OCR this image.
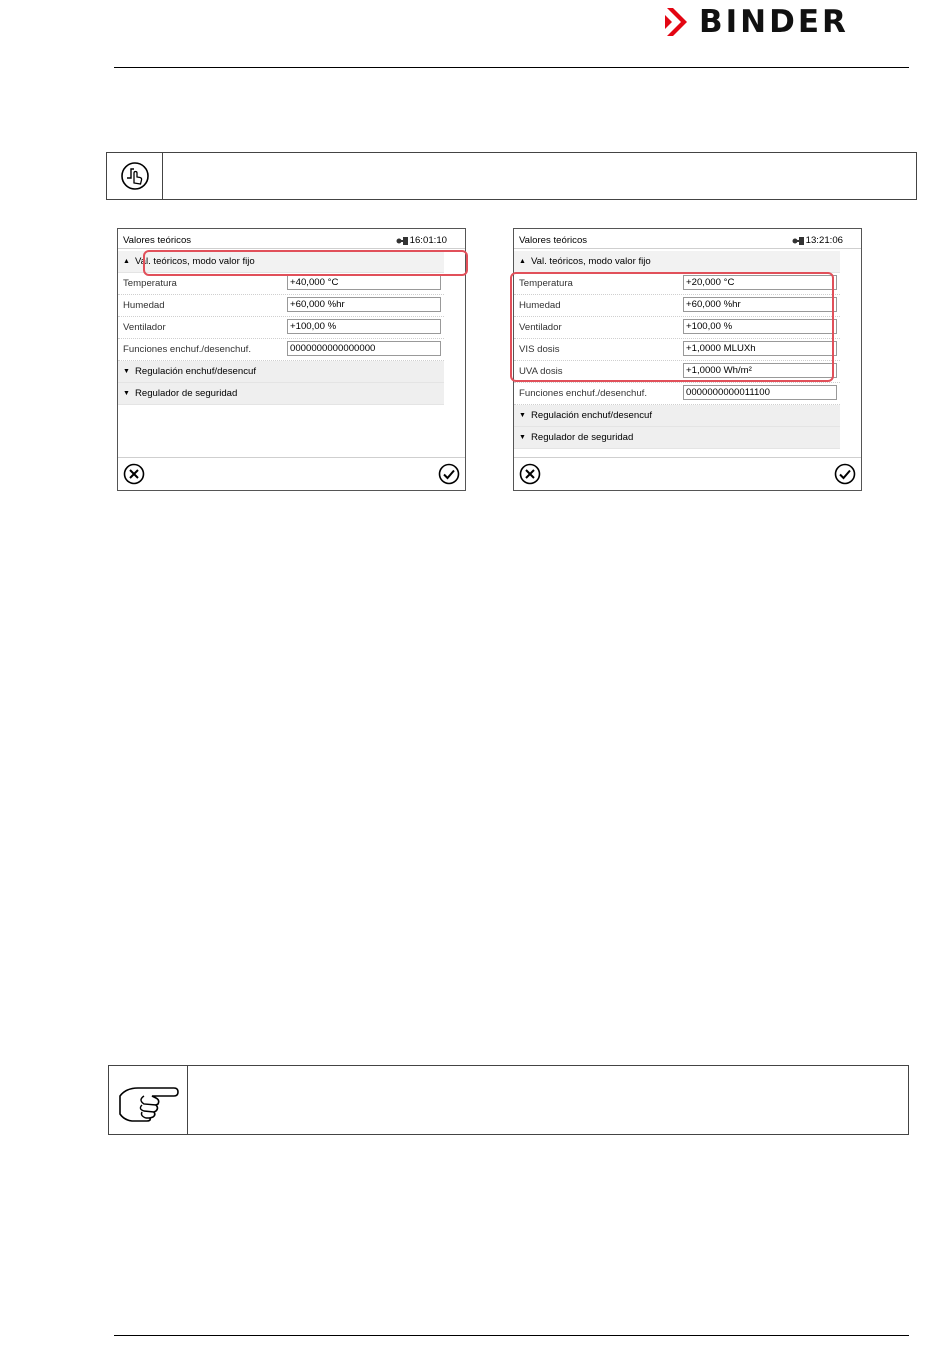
BINDER
Valores teóricos	16:01:10
▲ Val. teóricos, modo valor fijo
Temperatura	+40,000 °C
Humedad	+60,000 %hr
Ventilador	+100,00 %
Funciones enchuf./desenchuf.	0000000000000000
▼ Regulación enchuf/desencuf
▼ Regulador de seguridad
Valores teóricos	13:21:06
▲ Val. teóricos, modo valor fijo
Temperatura	+20,000 °C
Humedad	+60,000 %hr
Ventilador	+100,00 %
VIS dosis	+1,0000 MLUXh
UVA dosis	+1,0000 Wh/m²
Funciones enchuf./desenchuf.	0000000000011100
▼ Regulación enchuf/desencuf
▼ Regulador de seguridad
